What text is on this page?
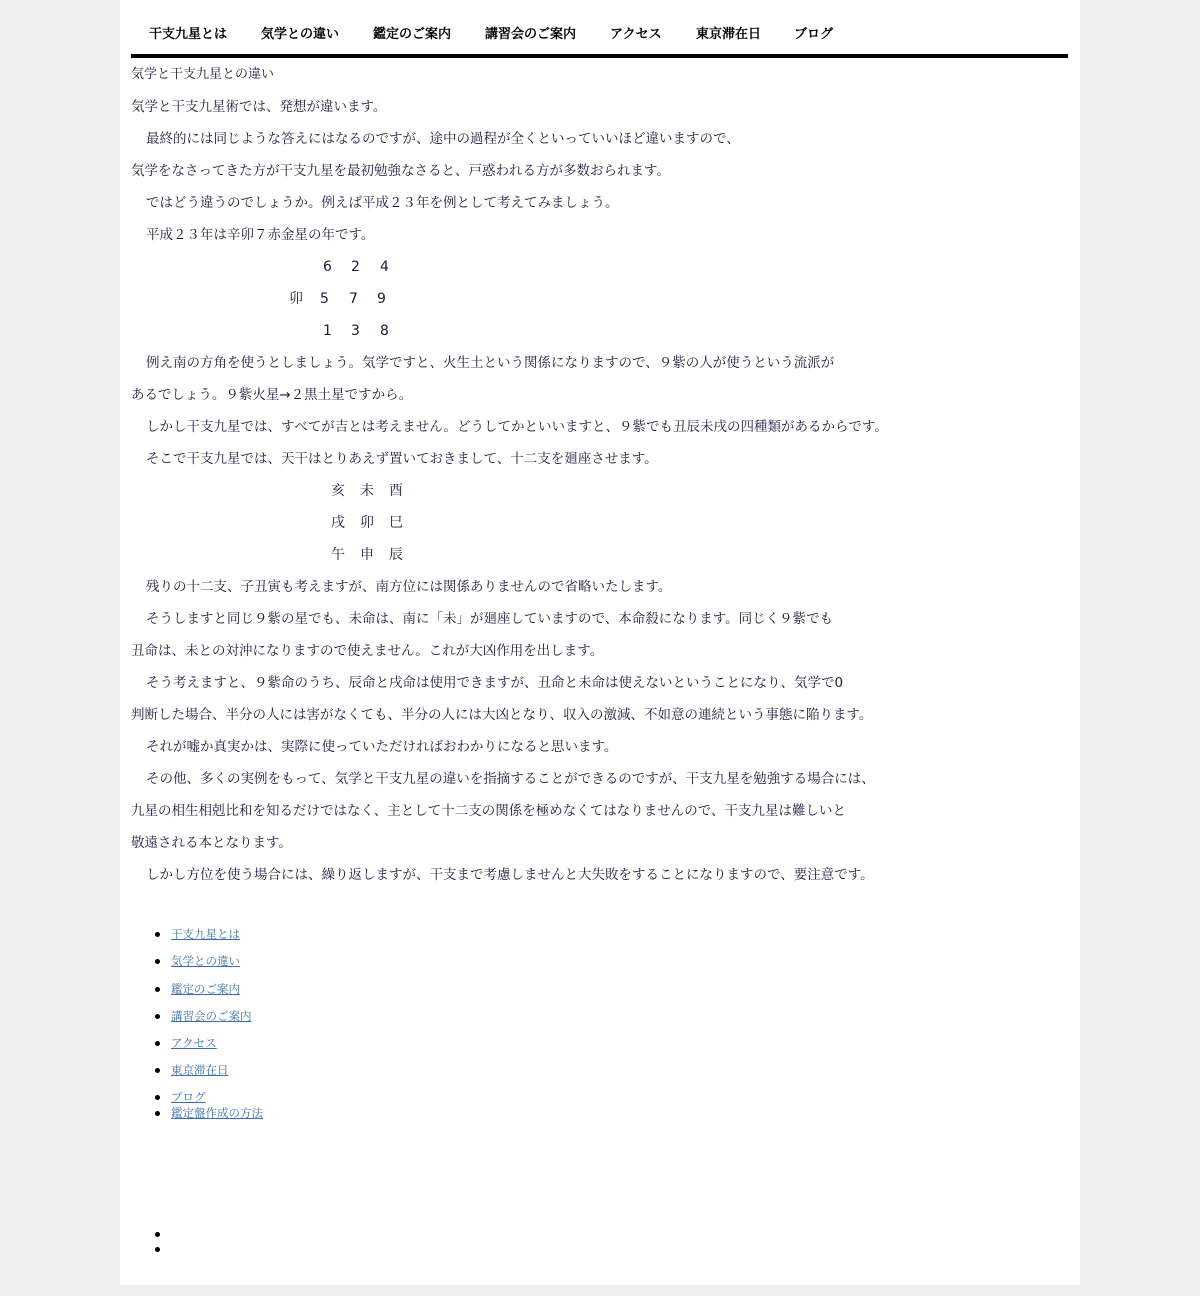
干支九星とは	気学との違い	鑑定のご案内	講習会のご案内	アクセス	東京滞在日	ブログ
気学と干支九星との違い
気学と干支九星術では、発想が違います。
最終的には同じような答えにはなるのですが、途中の過程が全くといっていいほど違いますので、
気学をなさってきた方が干支九星を最初勉強なさると、戸惑われる方が多数おられます。
ではどう違うのでしょうか。例えば平成２３年を例として考えてみましょう。
平成２３年は辛卯７赤金星の年です。
6 2 4
卯 5 7 9
1 3 8
例え南の方角を使うとしましょう。気学ですと、火生土という関係になりますので、９紫の人が使うという流派が
あるでしょう。９紫火星→２黒土星ですから。
しかし干支九星では、すべてが吉とは考えません。どうしてかといいますと、９紫でも丑辰未戌の四種類があるからです。
そこで干支九星では、天干はとりあえず置いておきまして、十二支を廻座させます。
亥 未 酉
戌 卯 巳
午 申 辰
残りの十二支、子丑寅も考えますが、南方位には関係ありませんので省略いたします。
そうしますと同じ９紫の星でも、未命は、南に「未」が廻座していますので、本命殺になります。同じく９紫でも
丑命は、未との対沖になりますので使えません。これが大凶作用を出します。
そう考えますと、９紫命のうち、辰命と戌命は使用できますが、丑命と未命は使えないということになり、気学で0
判断した場合、半分の人には害がなくても、半分の人には大凶となり、収入の激減、不如意の連続という事態に陥ります。
それが嘘か真実かは、実際に使っていただければおわかりになると思います。
その他、多くの実例をもって、気学と干支九星の違いを指摘することができるのですが、干支九星を勉強する場合には、
九星の相生相剋比和を知るだけではなく、主として十二支の関係を極めなくてはなりませんので、干支九星は難しいと
敬遠される本となります。
しかし方位を使う場合には、繰り返しますが、干支まで考慮しませんと大失敗をすることになりますので、要注意です。
干支九星とは
気学との違い
鑑定のご案内
講習会のご案内
アクセス
東京滞在日
ブログ
鑑定盤作成の方法
